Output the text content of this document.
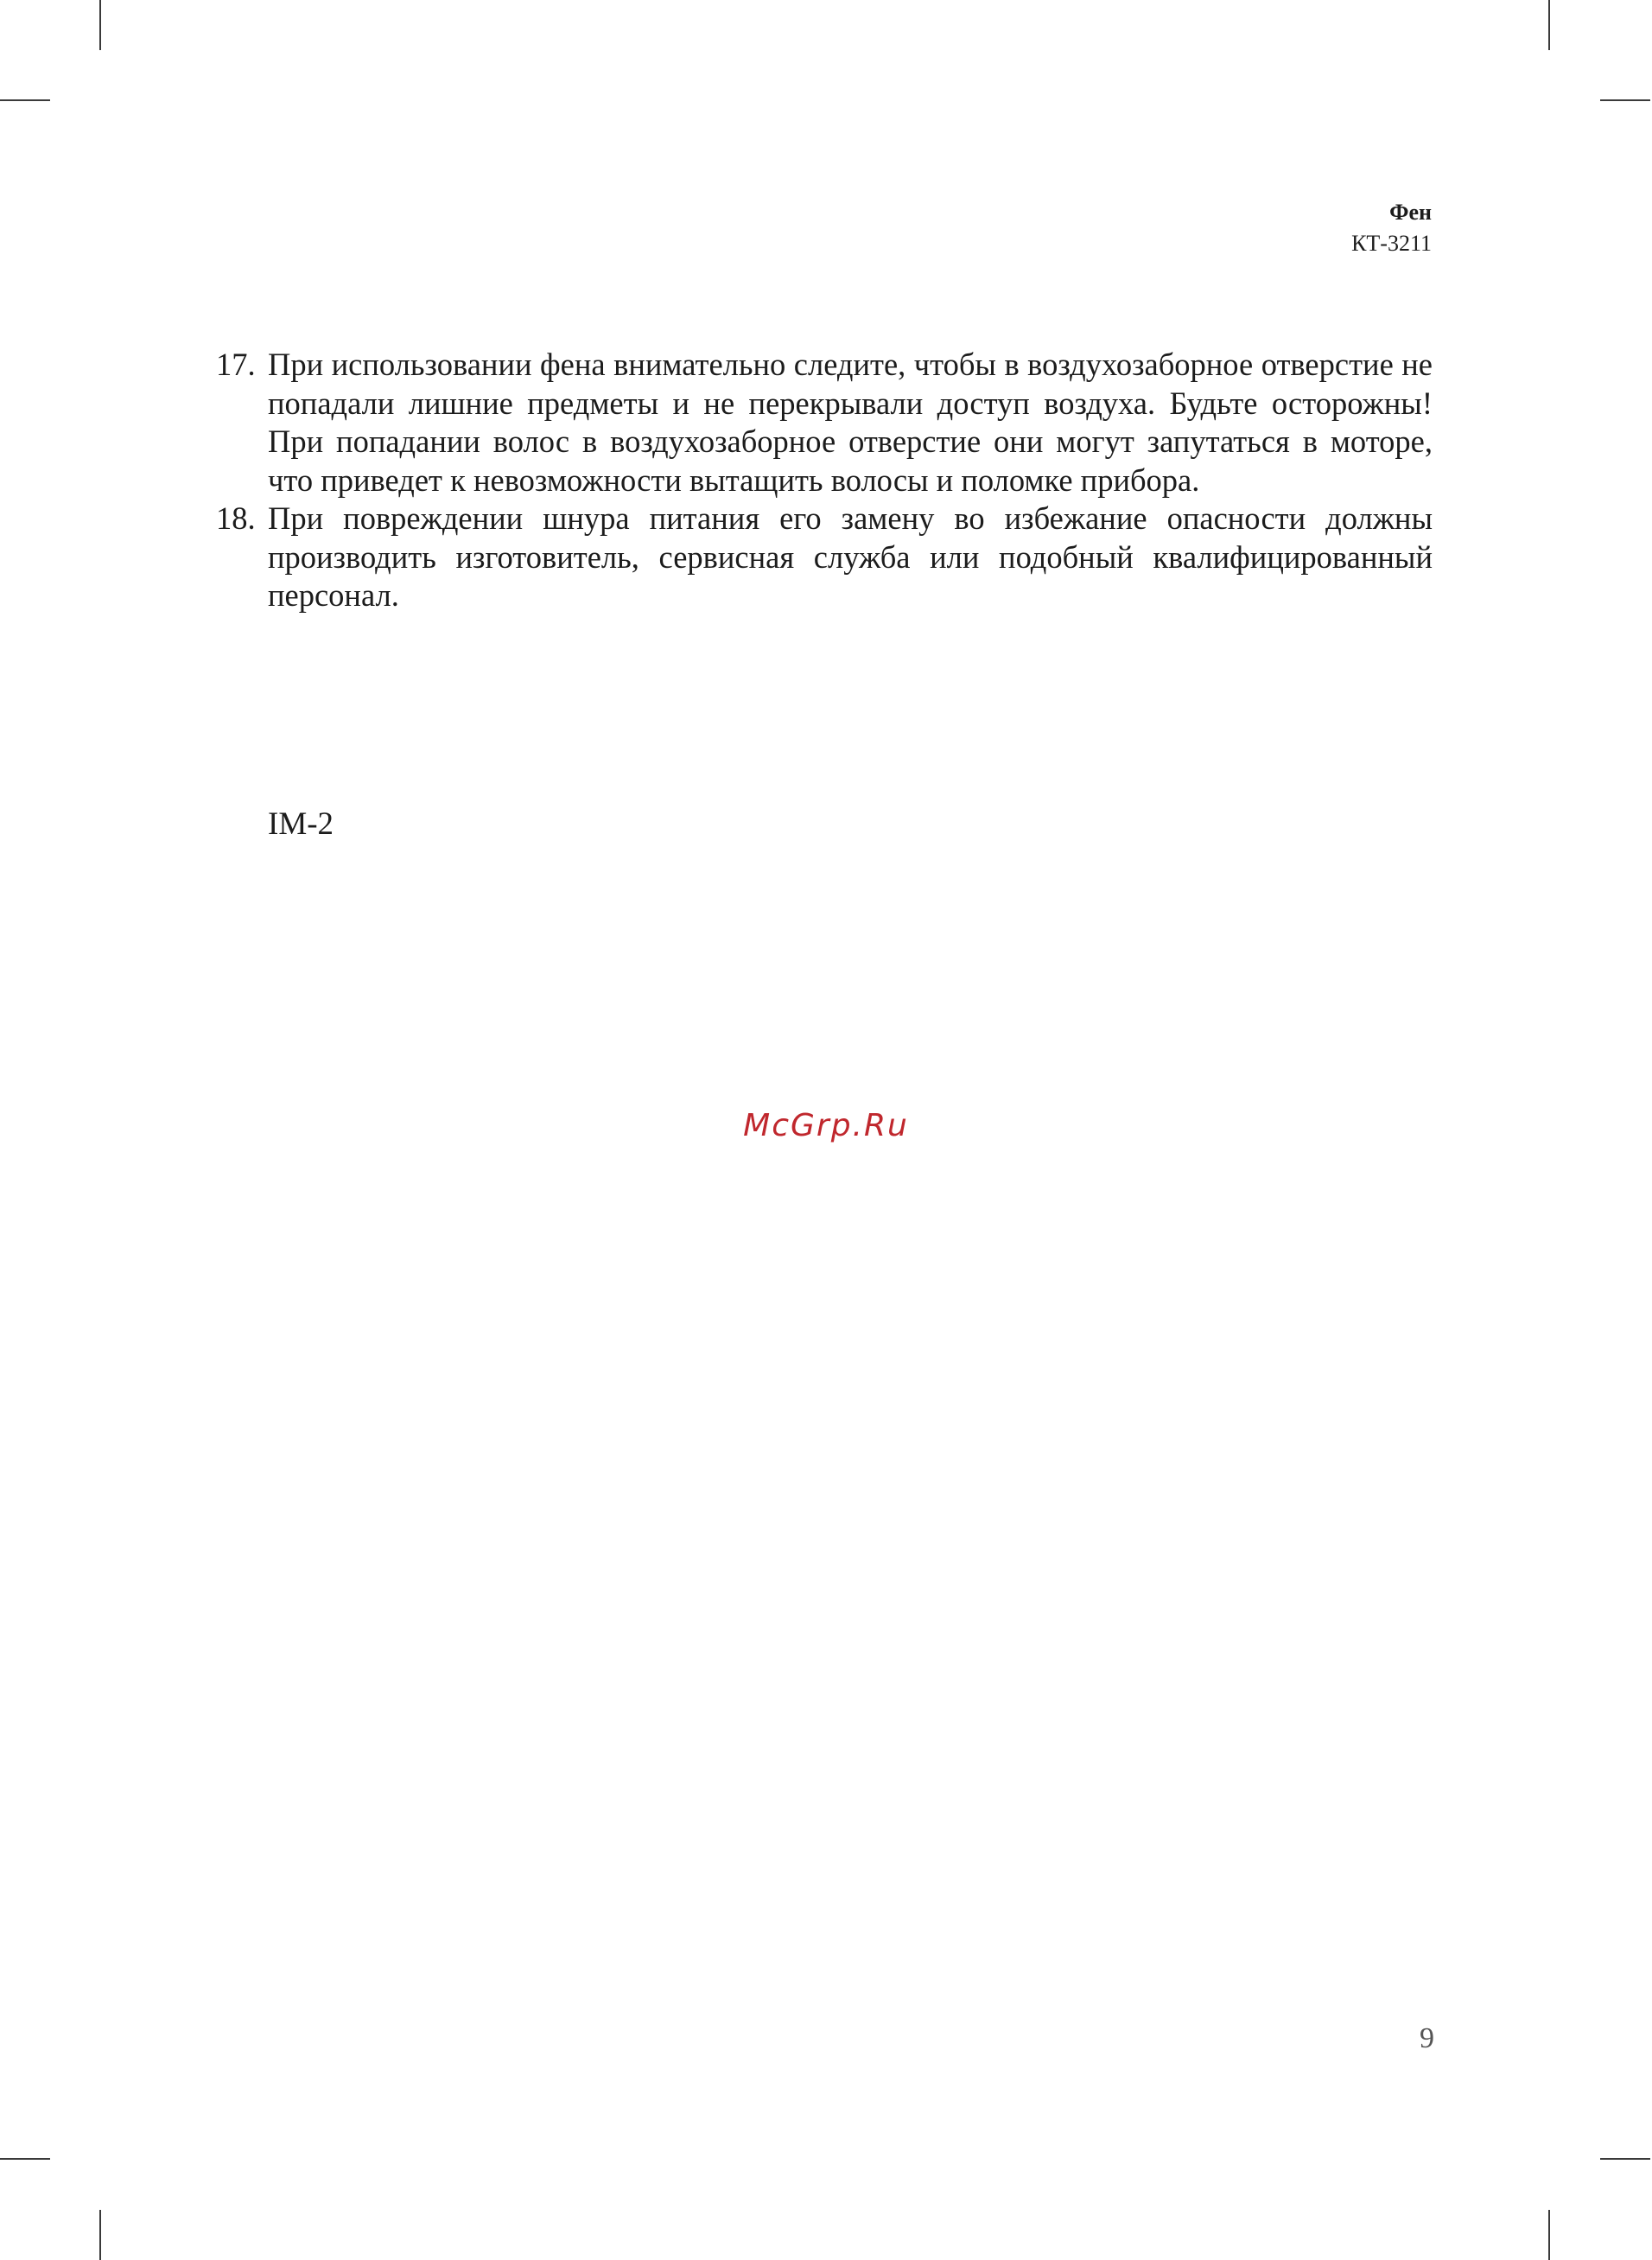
Фен
КТ-3211
17. При использовании фена внимательно следите, чтобы в воздухозаборное отверстие не попадали лишние предметы и не перекрывали доступ воздуха. Будьте осторожны! При попадании волос в воздухозаборное отверстие они могут запутаться в моторе, что приведет к невозможности вытащить волосы и поломке прибора.
18. При повреждении шнура питания его замену во избежание опасности должны производить изготовитель, сервисная служба или подобный квалифицированный персонал.
IM-2
McGrp.Ru
9
